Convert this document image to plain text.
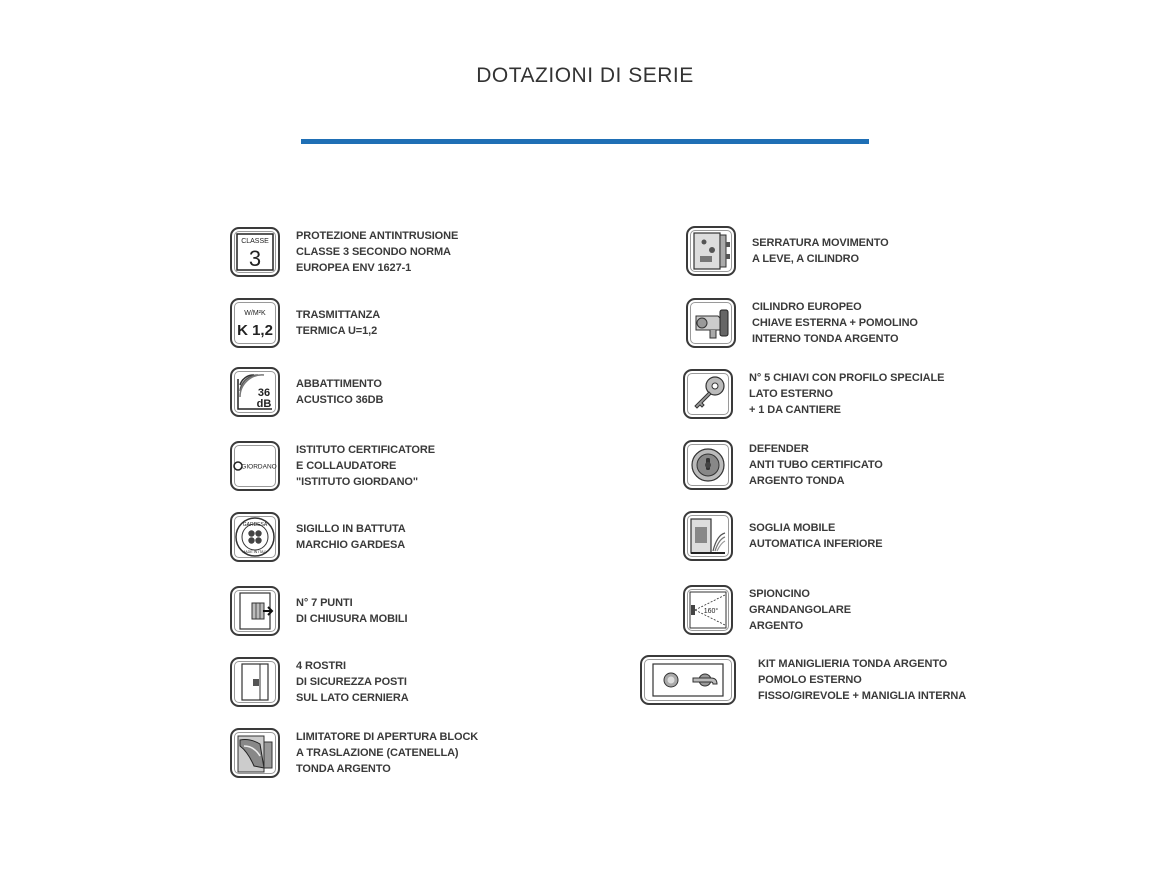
DOTAZIONI DI SERIE
CLASSE
3
PROTEZIONE ANTINTRUSIONE
CLASSE 3 SECONDO NORMA
EUROPEA ENV 1627-1
W/M²K
K 1,2
TRASMITTANZA
TERMICA U=1,2
36
dB
ABBATTIMENTO
ACUSTICO 36DB
GIORDANO
ISTITUTO CERTIFICATORE
E COLLAUDATORE
"ISTITUTO GIORDANO"
GARDESA
MADE IN ITALY
SIGILLO IN BATTUTA
MARCHIO GARDESA
N° 7 PUNTI
DI CHIUSURA MOBILI
4 ROSTRI
DI SICUREZZA POSTI
SUL LATO CERNIERA
LIMITATORE DI APERTURA BLOCK
A TRASLAZIONE (CATENELLA)
TONDA ARGENTO
SERRATURA MOVIMENTO
A LEVE, A CILINDRO
CILINDRO EUROPEO
CHIAVE ESTERNA + POMOLINO
INTERNO TONDA ARGENTO
N° 5 CHIAVI CON PROFILO SPECIALE
LATO ESTERNO
+ 1 DA CANTIERE
DEFENDER
ANTI TUBO CERTIFICATO
ARGENTO TONDA
SOGLIA MOBILE
AUTOMATICA INFERIORE
160°
SPIONCINO
GRANDANGOLARE
ARGENTO
KIT MANIGLIERIA TONDA ARGENTO
POMOLO ESTERNO
FISSO/GIREVOLE + MANIGLIA INTERNA
